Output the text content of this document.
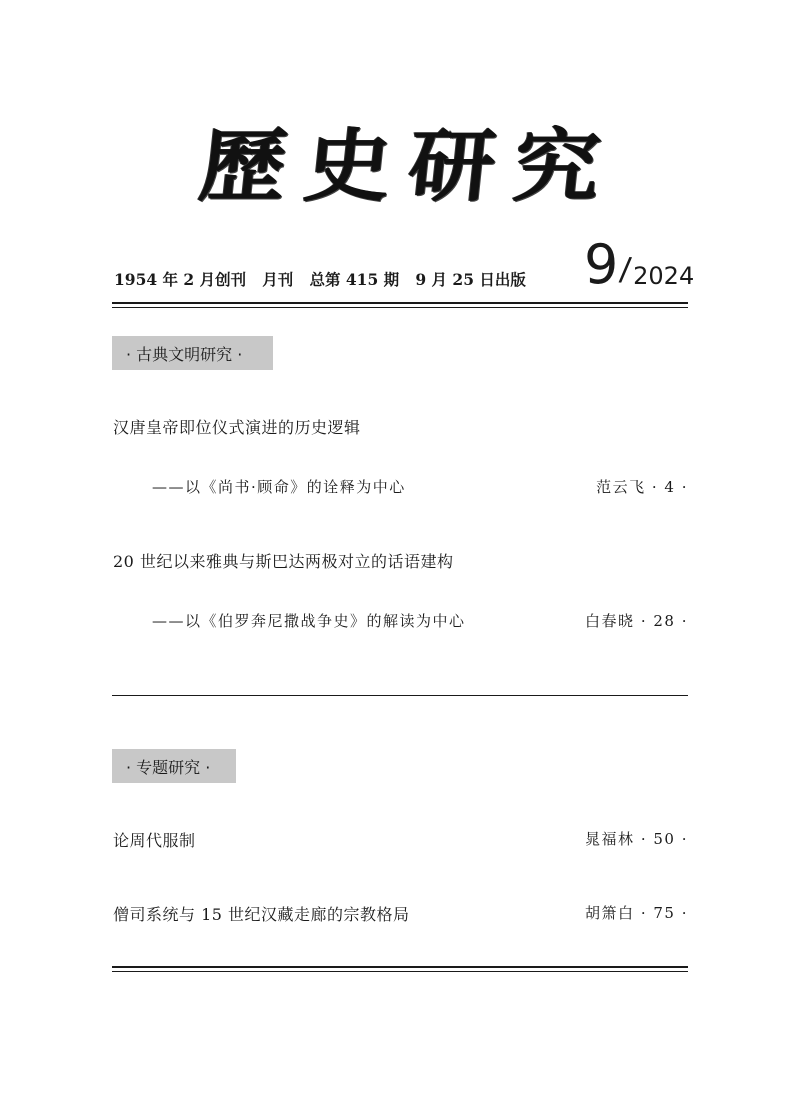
歷 史 研 究
1954 年 2 月创刊   月刊   总第 415 期   9 月 25 日出版 9 / 2024
· 古典文明研究 ·
汉唐皇帝即位仪式演进的历史逻辑
——以《尚书·顾命》的诠释为中心	范云飞 · 4 ·
20 世纪以来雅典与斯巴达两极对立的话语建构
——以《伯罗奔尼撒战争史》的解读为中心	白春晓 · 28 ·
· 专题研究 ·
论周代服制	晁福林 · 50 ·
僧司系统与 15 世纪汉藏走廊的宗教格局	胡箫白 · 75 ·
